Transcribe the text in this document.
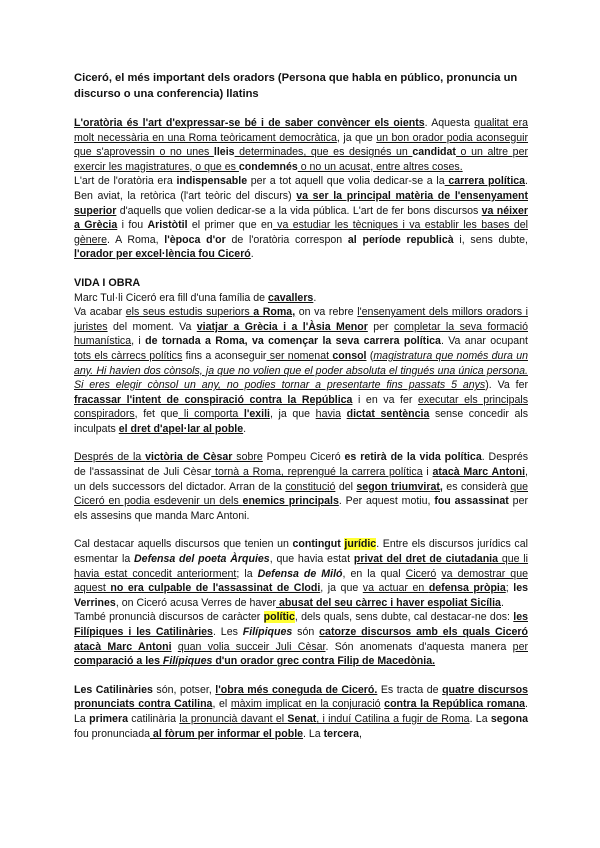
Ciceró, el més important dels oradors (Persona que habla en público, pronuncia un discurso o una conferencia) llatins

L'oratòria és l'art d'expressar-se bé i de saber convèncer els oients. Aquesta qualitat era molt necessària en una Roma teòricament democràtica, ja que un bon orador podia aconseguir que s'aprovessin o no unes lleis determinades, que es designés un candidat o un altre per exercir les magistratures, o que es condemnés o no un acusat, entre altres coses.

L'art de l'oratòria era indispensable per a tot aquell que volia dedicar-se a la carrera política. Ben aviat, la retòrica (l'art teòric del discurs) va ser la principal matèria de l'ensenyament superior d'aquells que volien dedicar-se a la vida pública. L'art de fer bons discursos va néixer a Grècia i fou Aristòtil el primer que en va estudiar les tècniques i va establir les bases del gènere. A Roma, l'època d'or de l'oratòria correspon al període republicà i, sens dubte, l'orador per excel·lència fou Ciceró.

VIDA I OBRA

Marc Tul·li Ciceró era fill d'una família de cavallers.

Va acabar els seus estudis superiors a Roma, on va rebre l'ensenyament dels millors oradors i juristes del moment. Va viatjar a Grècia i a l'Àsia Menor per completar la seva formació humanística, i de tornada a Roma, va començar la seva carrera política. Va anar ocupant tots els càrrecs polítics fins a aconseguir ser nomenat consol (magistratura que només dura un any. Hi havien dos cònsols, ja que no volien que el poder absoluta el tingués una única persona. Si eres elegir cònsol un any, no podies tornar a presentarte fins passats 5 anys). Va fer fracassar l'intent de conspiració contra la República i en va fer executar els principals conspiradors, fet que li comporta l'exili, ja que havia dictat sentència sense concedir als inculpats el dret d'apel·lar al poble.

Després de la victòria de Cèsar sobre Pompeu Ciceró es retirà de la vida política. Després de l'assassinat de Juli Cèsar tornà a Roma, reprengué la carrera política i atacà Marc Antoni, un dels successors del dictador. Arran de la constitució del segon triumvirat, es considerà que Ciceró en podia esdevenir un dels enemics principals. Per aquest motiu, fou assassinat per els assesins que manda Marc Antoni.

Cal destacar aquells discursos que tenien un contingut jurídic. Entre els discursos jurídics cal esmentar la Defensa del poeta Àrquies, que havia estat privat del dret de ciutadania que li havia estat concedit anteriorment; la Defensa de Miló, en la qual Ciceró va demostrar que aquest no era culpable de l'assassinat de Clodi, ja que va actuar en defensa pròpia; les Verrines, on Ciceró acusa Verres de haver abusat del seu càrrec i haver espoliat Sicília.

També pronuncià discursos de caràcter polític, dels quals, sens dubte, cal destacar-ne dos: les Filípiques i les Catilinàries. Les Filípiques són catorze discursos amb els quals Ciceró atacà Marc Antoni quan volia succeir Juli Cèsar. Són anomenats d'aquesta manera per comparació a les Filípiques d'un orador grec contra Filip de Macedònia.

Les Catilinàries són, potser, l'obra més coneguda de Ciceró. Es tracta de quatre discursos pronunciats contra Catilina, el màxim implicat en la conjuració contra la República romana. La primera catilinària la pronuncià davant el Senat, i induí Catilina a fugir de Roma. La segona fou pronunciada al fòrum per informar el poble. La tercera,
